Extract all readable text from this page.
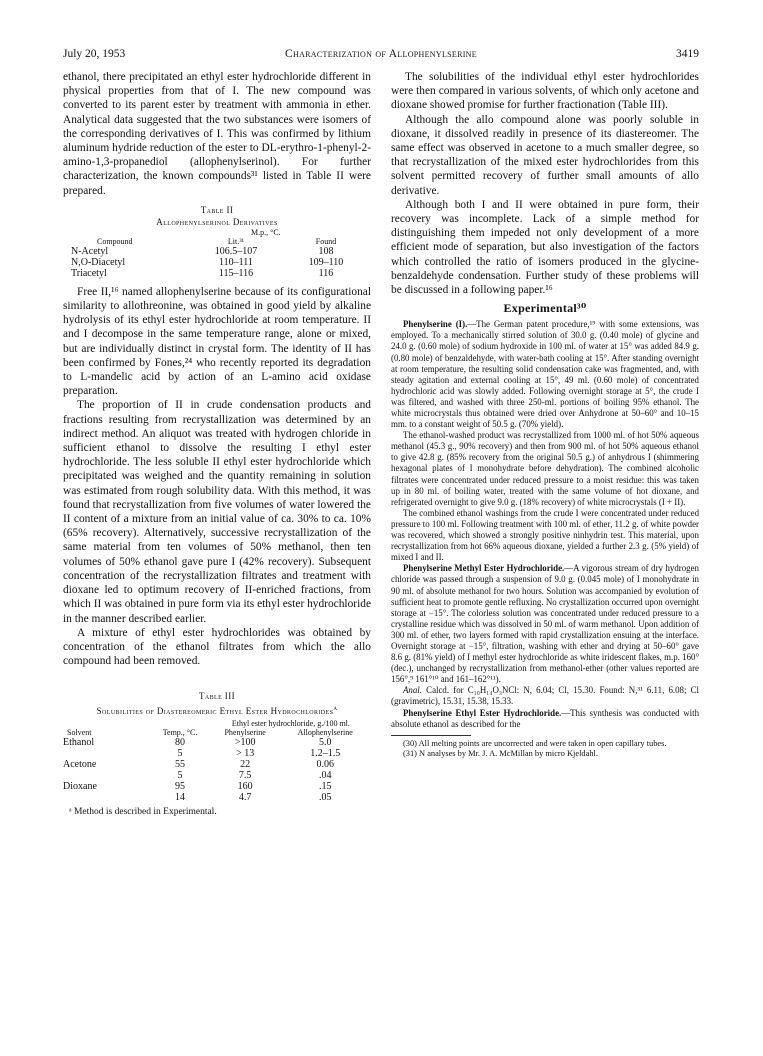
July 20, 1953	Characterization of Allophenylserine	3419

ethanol, there precipitated an ethyl ester hydrochloride different in physical properties from that of I. The new compound was converted to its parent ester by treatment with ammonia in ether. Analytical data suggested that the two substances were isomers of the corresponding derivatives of I. This was confirmed by lithium aluminum hydride reduction of the ester to DL-erythro-1-phenyl-2-amino-1,3-propanediol (allophenylserinol). For further characterization, the known compounds³¹ listed in Table II were prepared.

Table II
Allophenylserinol Derivatives
		M.p., °C.
Compound	Lit.³¹	Found
N-Acetyl	106.5–107	108
N,O-Diacetyl	110–111	109–110
Triacetyl	115–116	116

Free II,¹⁶ named allophenylserine because of its configurational similarity to allothreonine, was obtained in good yield by alkaline hydrolysis of its ethyl ester hydrochloride at room temperature. II and I decompose in the same temperature range, alone or mixed, but are individually distinct in crystal form. The identity of II has been confirmed by Fones,²⁴ who recently reported its degradation to L-mandelic acid by action of an L-amino acid oxidase preparation.

The proportion of II in crude condensation products and fractions resulting from recrystallization was determined by an indirect method. An aliquot was treated with hydrogen chloride in sufficient ethanol to dissolve the resulting I ethyl ester hydrochloride. The less soluble II ethyl ester hydrochloride which precipitated was weighed and the quantity remaining in solution was estimated from rough solubility data. With this method, it was found that recrystallization from five volumes of water lowered the II content of a mixture from an initial value of ca. 30% to ca. 10% (65% recovery). Alternatively, successive recrystallization of the same material from ten volumes of 50% methanol, then ten volumes of 50% ethanol gave pure I (42% recovery). Subsequent concentration of the recrystallization filtrates and treatment with dioxane led to optimum recovery of II-enriched fractions, from which II was obtained in pure form via its ethyl ester hydrochloride in the manner described earlier.

A mixture of ethyl ester hydrochlorides was obtained by concentration of the ethanol filtrates from which the allo compound had been removed.

Table III
Solubilities of Diastereomeric Ethyl Ester Hydrochlorides$^a$
		Ethyl ester hydrochloride, g./100 ml.	
Solvent	Temp., °C.	Phenylserine	Allophenylserine
Ethanol	80	>100	5.0
	5	> 13	1.2–1.5
Acetone	55	22	0.06
	5	7.5	.04
Dioxane	95	160	.15
	14	4.7	.05
ᵃ Method is described in Experimental.

The solubilities of the individual ethyl ester hydrochlorides were then compared in various solvents, of which only acetone and dioxane showed promise for further fractionation (Table III).

Although the allo compound alone was poorly soluble in dioxane, it dissolved readily in presence of its diastereomer. The same effect was observed in acetone to a much smaller degree, so that recrystallization of the mixed ester hydrochlorides from this solvent permitted recovery of further small amounts of allo derivative.

Although both I and II were obtained in pure form, their recovery was incomplete. Lack of a simple method for distinguishing them impeded not only development of a more efficient mode of separation, but also investigation of the factors which controlled the ratio of isomers produced in the glycine-benzaldehyde condensation. Further study of these problems will be discussed in a following paper.¹⁶

Experimental³⁰

Phenylserine (I).—The German patent procedure,¹⁹ with some extensions, was employed. To a mechanically stirred solution of 30.0 g. (0.40 mole) of glycine and 24.0 g. (0.60 mole) of sodium hydroxide in 100 ml. of water at 15° was added 84.9 g. (0.80 mole) of benzaldehyde, with water-bath cooling at 15°. After standing overnight at room temperature, the resulting solid condensation cake was fragmented, and, with steady agitation and external cooling at 15°, 49 ml. (0.60 mole) of concentrated hydrochloric acid was slowly added. Following overnight storage at 5°, the crude I was filtered, and washed with three 250-ml. portions of boiling 95% ethanol. The white microcrystals thus obtained were dried over Anhydrone at 50–60° and 10–15 mm. to a constant weight of 50.5 g. (70% yield).

The ethanol-washed product was recrystallized from 1000 ml. of hot 50% aqueous methanol (45.3 g., 90% recovery) and then from 900 ml. of hot 50% aqueous ethanol to give 42.8 g. (85% recovery from the original 50.5 g.) of anhydrous I (shimmering hexagonal plates of I monohydrate before dehydration). The combined alcoholic filtrates were concentrated under reduced pressure to a moist residue: this was taken up in 80 ml. of boiling water, treated with the same volume of hot dioxane, and refrigerated overnight to give 9.0 g. (18% recovery) of white microcrystals (I + II).

The combined ethanol washings from the crude I were concentrated under reduced pressure to 100 ml. Following treatment with 100 ml. of ether, 11.2 g. of white powder was recovered, which showed a strongly positive ninhydrin test. This material, upon recrystallization from hot 66% aqueous dioxane, yielded a further 2.3 g. (5% yield) of mixed I and II.

Phenylserine Methyl Ester Hydrochloride.—A vigorous stream of dry hydrogen chloride was passed through a suspension of 9.0 g. (0.045 mole) of I monohydrate in 90 ml. of absolute methanol for two hours. Solution was accompanied by evolution of sufficient heat to promote gentle refluxing. No crystallization occurred upon overnight storage at −15°. The colorless solution was concentrated under reduced pressure to a crystalline residue which was dissolved in 50 ml. of warm methanol. Upon addition of 300 ml. of ether, two layers formed with rapid crystallization ensuing at the interface. Overnight storage at −15°, filtration, washing with ether and drying at 50–60° gave 8.6 g. (81% yield) of I methyl ester hydrochloride as white iridescent flakes, m.p. 160° (dec.), unchanged by recrystallization from methanol-ether (other values reported are 156°,⁹ 161°¹⁰ and 161–162°¹¹).

Anal. Calcd. for C₁₀H₁₄O₃NCl: N, 6.04; Cl, 15.30. Found: N,³¹ 6.11, 6.08; Cl (gravimetric), 15.31, 15.38, 15.33.

Phenylserine Ethyl Ester Hydrochloride.—This synthesis was conducted with absolute ethanol as described for the

(30) All melting points are uncorrected and were taken in open capillary tubes.

(31) N analyses by Mr. J. A. McMillan by micro Kjeldahl.
